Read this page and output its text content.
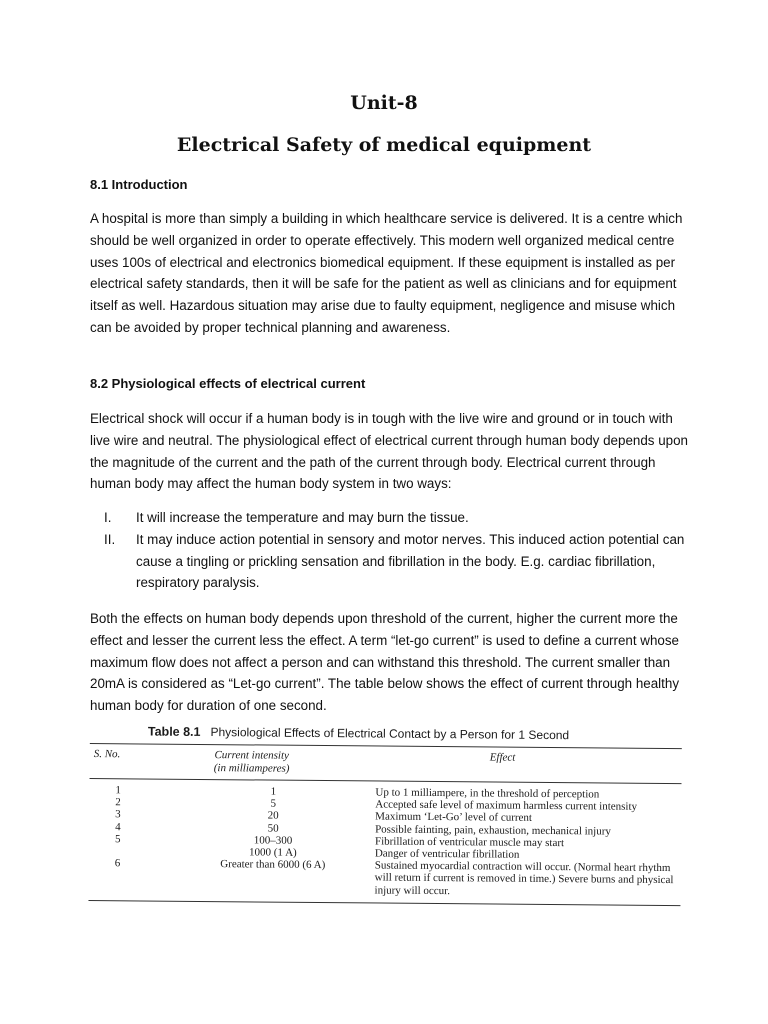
Unit-8
Electrical Safety of medical equipment
8.1 Introduction

A hospital is more than simply a building in which healthcare service is delivered. It is a centre which should be well organized in order to operate effectively. This modern well organized medical centre uses 100s of electrical and electronics biomedical equipment. If these equipment is installed as per electrical safety standards, then it will be safe for the patient as well as clinicians and for equipment itself as well. Hazardous situation may arise due to faulty equipment, negligence and misuse which can be avoided by proper technical planning and awareness.

8.2 Physiological effects of electrical current

Electrical shock will occur if a human body is in tough with the live wire and ground or in touch with live wire and neutral. The physiological effect of electrical current through human body depends upon the magnitude of the current and the path of the current through body. Electrical current through human body may affect the human body system in two ways:

I. It will increase the temperature and may burn the tissue.
II. It may induce action potential in sensory and motor nerves. This induced action potential can cause a tingling or prickling sensation and fibrillation in the body. E.g. cardiac fibrillation, respiratory paralysis.

Both the effects on human body depends upon threshold of the current, higher the current more the effect and lesser the current less the effect. A term “let-go current” is used to define a current whose maximum flow does not affect a person and can withstand this threshold. The current smaller than 20mA is considered as “Let-go current”. The table below shows the effect of current through healthy human body for duration of one second.

Table 8.1 Physiological Effects of Electrical Contact by a Person for 1 Second
S. No.	Current intensity
(in milliamperes)
	Effect
1	1	Up to 1 milliampere, in the threshold of perception
2	5	Accepted safe level of maximum harmless current intensity
3	20	Maximum ‘Let-Go’ level of current
4	50	Possible fainting, pain, exhaustion, mechanical injury
5	100–300	Fibrillation of ventricular muscle may start
	1000 (1 A)	Danger of ventricular fibrillation
6	Greater than 6000 (6 A)	Sustained myocardial contraction will occur. (Normal heart rhythm will return if current is removed in time.) Severe burns and physical injury will occur.
